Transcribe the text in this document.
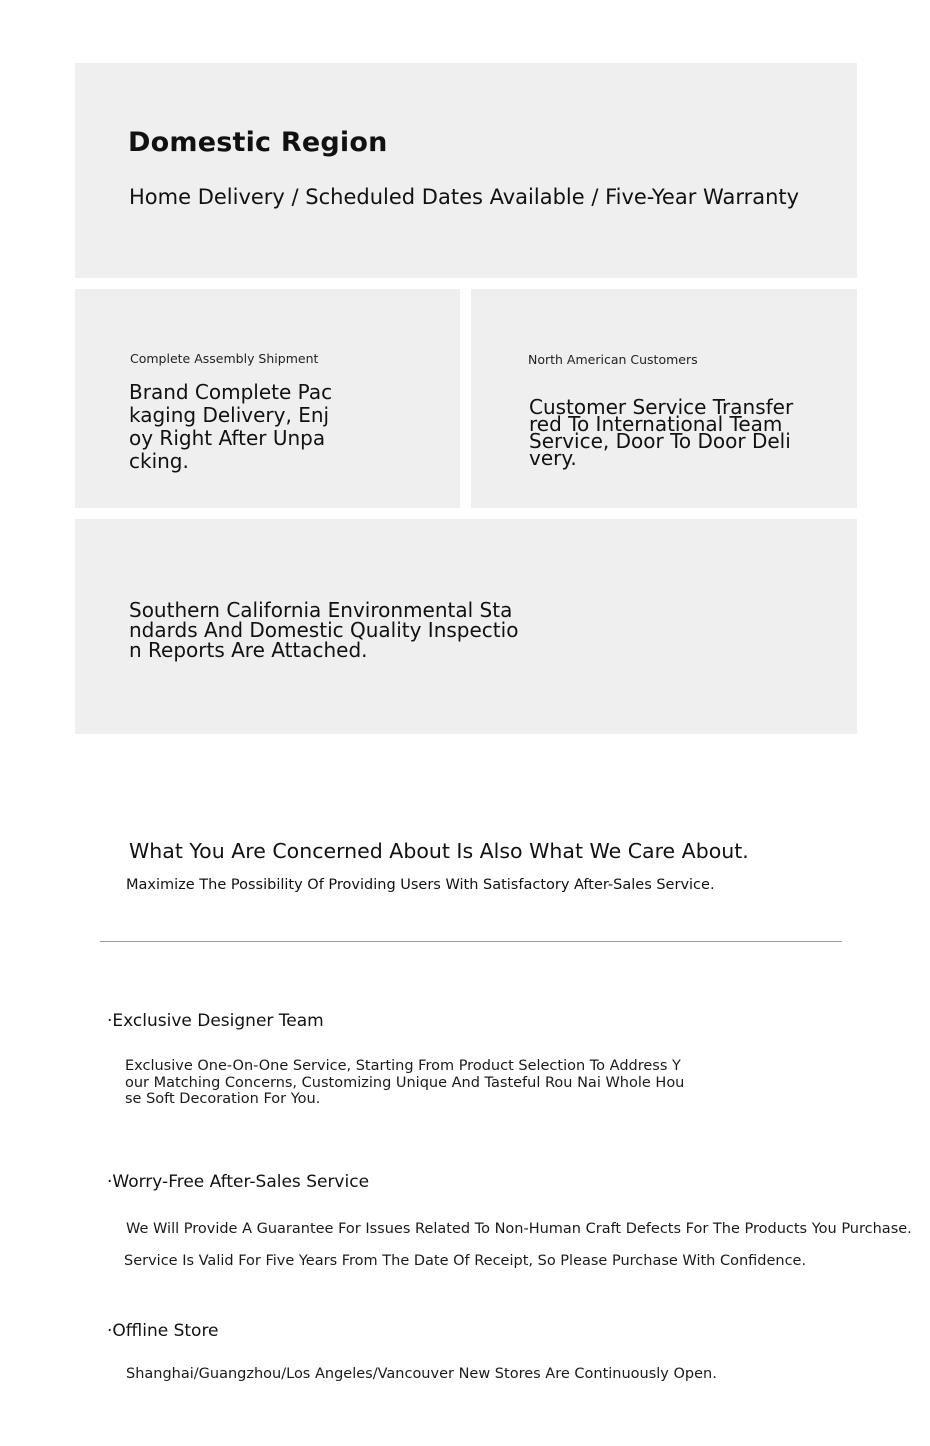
Domestic Region

Home Delivery / Scheduled Dates Available / Five-Year Warranty

Complete Assembly Shipment

Brand Complete Packaging Delivery, Enjoy Right After Unpacking.

North American Customers

Customer Service Transferred To International Team Service, Door To Door Delivery.

Southern California Environmental Standards And Domestic Quality Inspection Reports Are Attached.

What You Are Concerned About Is Also What We Care About.

Maximize The Possibility Of Providing Users With Satisfactory After-Sales Service.

·Exclusive Designer Team

Exclusive One-On-One Service, Starting From Product Selection To Address Your Matching Concerns, Customizing Unique And Tasteful Rou Nai Whole House Soft Decoration For You.

·Worry-Free After-Sales Service

We Will Provide A Guarantee For Issues Related To Non-Human Craft Defects For The Products You Purchase.

Service Is Valid For Five Years From The Date Of Receipt, So Please Purchase With Confidence.

·Offline Store

Shanghai/Guangzhou/Los Angeles/Vancouver New Stores Are Continuously Open.
